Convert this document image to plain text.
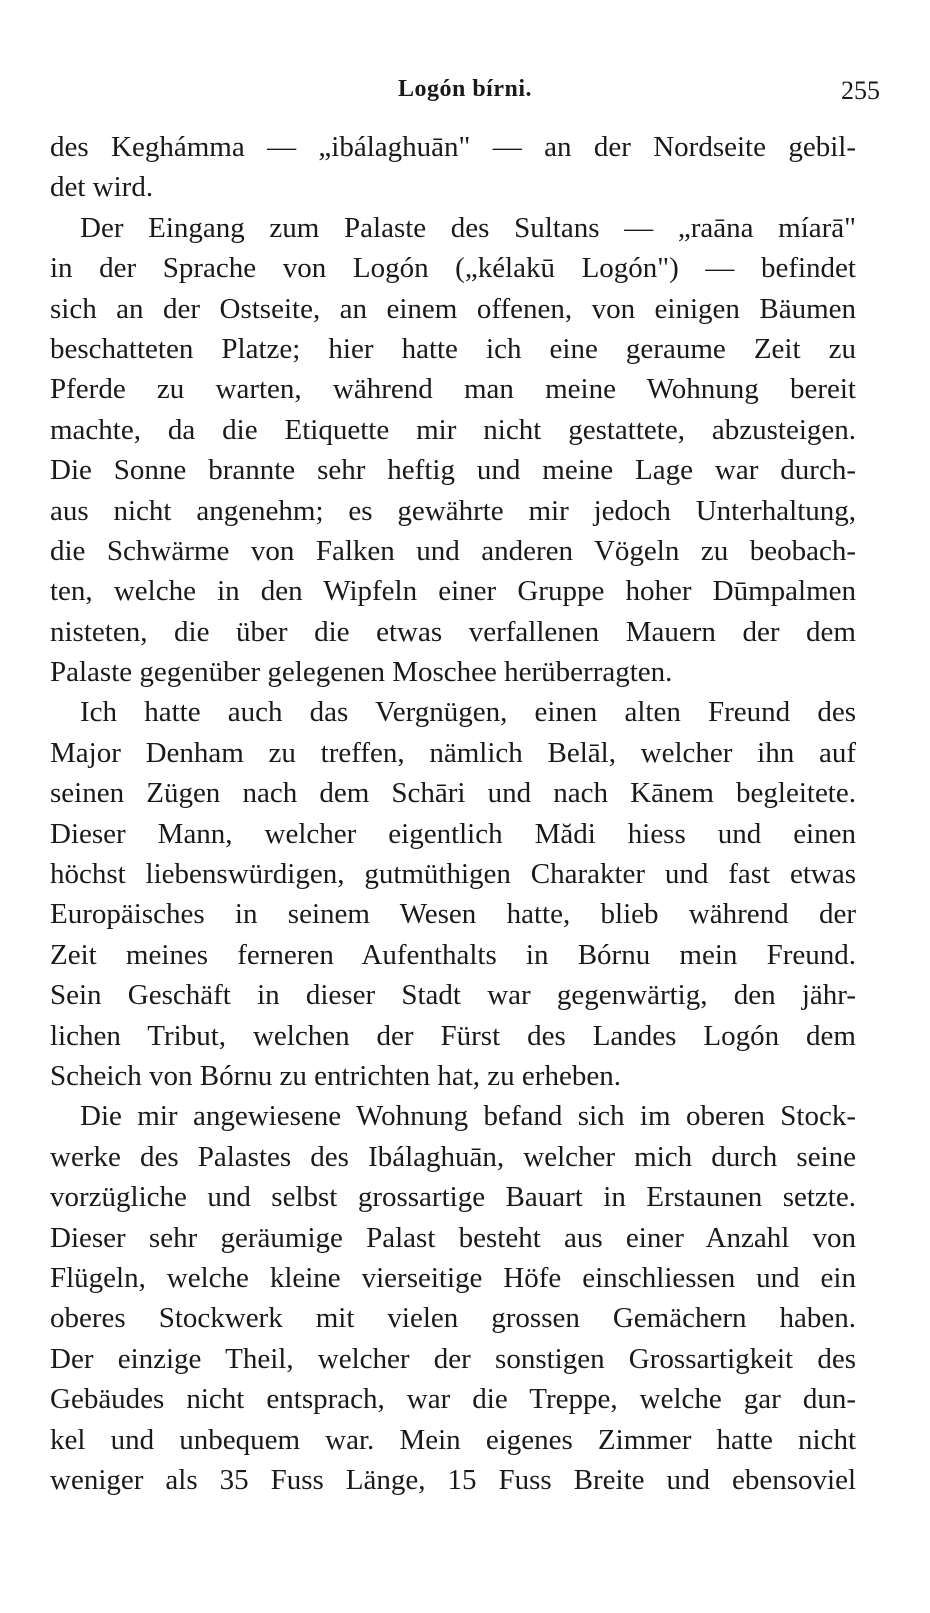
Logón bírni.	255
des Keghámma — „ibálaghuān" — an der Nordseite gebil-
det wird.
Der Eingang zum Palaste des Sultans — „raāna míarā"
in der Sprache von Logón („kélakū Logón") — befindet
sich an der Ostseite, an einem offenen, von einigen Bäumen
beschatteten Platze; hier hatte ich eine geraume Zeit zu
Pferde zu warten, während man meine Wohnung bereit
machte, da die Etiquette mir nicht gestattete, abzusteigen.
Die Sonne brannte sehr heftig und meine Lage war durch-
aus nicht angenehm; es gewährte mir jedoch Unterhaltung,
die Schwärme von Falken und anderen Vögeln zu beobach-
ten, welche in den Wipfeln einer Gruppe hoher Dūmpalmen
nisteten, die über die etwas verfallenen Mauern der dem
Palaste gegenüber gelegenen Moschee herüberragten.
Ich hatte auch das Vergnügen, einen alten Freund des
Major Denham zu treffen, nämlich Belāl, welcher ihn auf
seinen Zügen nach dem Schāri und nach Kānem begleitete.
Dieser Mann, welcher eigentlich Mădi hiess und einen
höchst liebenswürdigen, gutmüthigen Charakter und fast etwas
Europäisches in seinem Wesen hatte, blieb während der
Zeit meines ferneren Aufenthalts in Bórnu mein Freund.
Sein Geschäft in dieser Stadt war gegenwärtig, den jähr-
lichen Tribut, welchen der Fürst des Landes Logón dem
Scheich von Bórnu zu entrichten hat, zu erheben.
Die mir angewiesene Wohnung befand sich im oberen Stock-
werke des Palastes des Ibálaghuān, welcher mich durch seine
vorzügliche und selbst grossartige Bauart in Erstaunen setzte.
Dieser sehr geräumige Palast besteht aus einer Anzahl von
Flügeln, welche kleine vierseitige Höfe einschliessen und ein
oberes Stockwerk mit vielen grossen Gemächern haben.
Der einzige Theil, welcher der sonstigen Grossartigkeit des
Gebäudes nicht entsprach, war die Treppe, welche gar dun-
kel und unbequem war. Mein eigenes Zimmer hatte nicht
weniger als 35 Fuss Länge, 15 Fuss Breite und ebensoviel
